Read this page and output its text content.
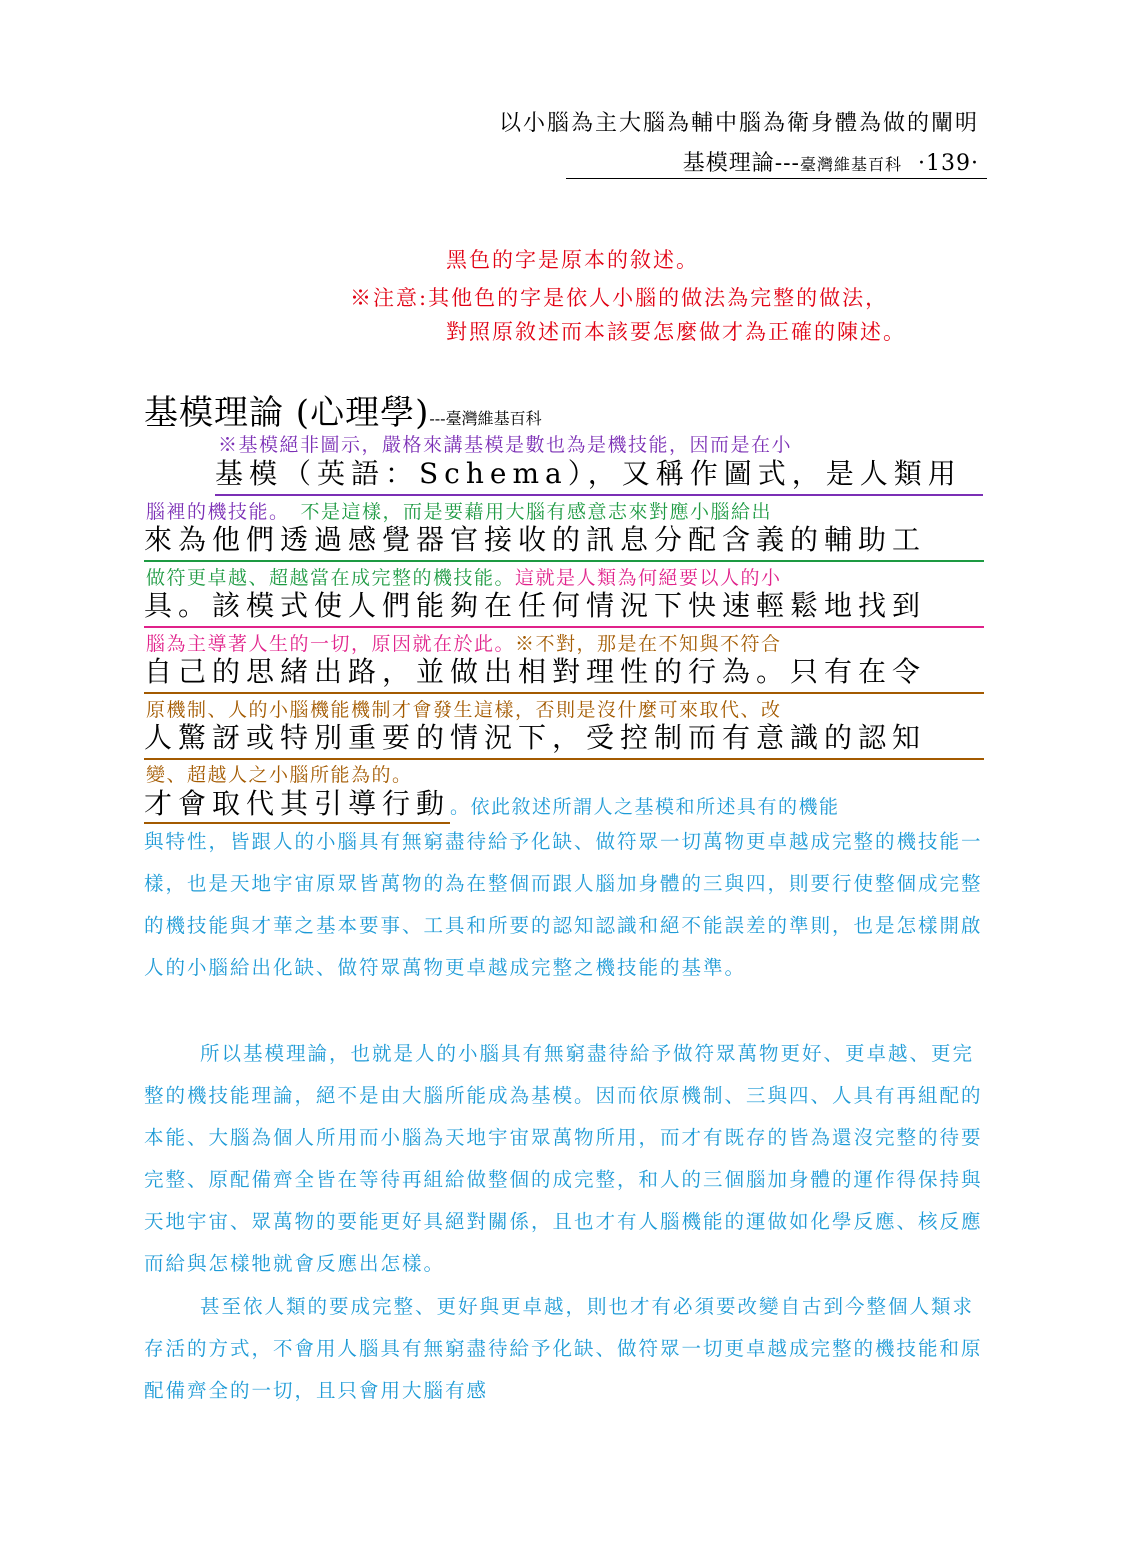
以小腦為主大腦為輔中腦為衛身體為做的闡明
基模理論---臺灣維基百科 ·139·
黑色的字是原本的敘述。
※注意:其他色的字是依人小腦的做法為完整的做法，
對照原敘述而本該要怎麼做才為正確的陳述。
基模理論 (心理學)---臺灣維基百科
※基模絕非圖示，嚴格來講基模是數也為是機技能，因而是在小
基模（英語：Schema），又稱作圖式，是人類用
腦裡的機技能。　不是這樣，而是要藉用大腦有感意志來對應小腦給出
來為他們透過感覺器官接收的訊息分配含義的輔助工
做符更卓越、超越當在成完整的機技能。這就是人類為何絕要以人的小
具。該模式使人們能夠在任何情況下快速輕鬆地找到
腦為主導著人生的一切，原因就在於此。※不對，那是在不知與不符合
自己的思緒出路，並做出相對理性的行為。只有在令
原機制、人的小腦機能機制才會發生這樣，否則是沒什麼可來取代、改
人驚訝或特別重要的情況下，受控制而有意識的認知
變、超越人之小腦所能為的。
才會取代其引導行動。依此敘述所謂人之基模和所述具有的機能
與特性，皆跟人的小腦具有無窮盡待給予化缺、做符眾一切萬物更卓越成完整的機技能一樣，也是天地宇宙原眾皆萬物的為在整個而跟人腦加身體的三與四，則要行使整個成完整的機技能與才華之基本要事、工具和所要的認知認識和絕不能誤差的準則，也是怎樣開啟人的小腦給出化缺、做符眾萬物更卓越成完整之機技能的基準。
所以基模理論，也就是人的小腦具有無窮盡待給予做符眾萬物更好、更卓越、更完整的機技能理論，絕不是由大腦所能成為基模。因而依原機制、三與四、人具有再組配的本能、大腦為個人所用而小腦為天地宇宙眾萬物所用，而才有既存的皆為還沒完整的待要完整、原配備齊全皆在等待再組給做整個的成完整，和人的三個腦加身體的運作得保持與天地宇宙、眾萬物的要能更好具絕對關係，且也才有人腦機能的運做如化學反應、核反應而給與怎樣牠就會反應出怎樣。
甚至依人類的要成完整、更好與更卓越，則也才有必須要改變自古到今整個人類求存活的方式，不會用人腦具有無窮盡待給予化缺、做符眾一切更卓越成完整的機技能和原配備齊全的一切，且只會用大腦有感
